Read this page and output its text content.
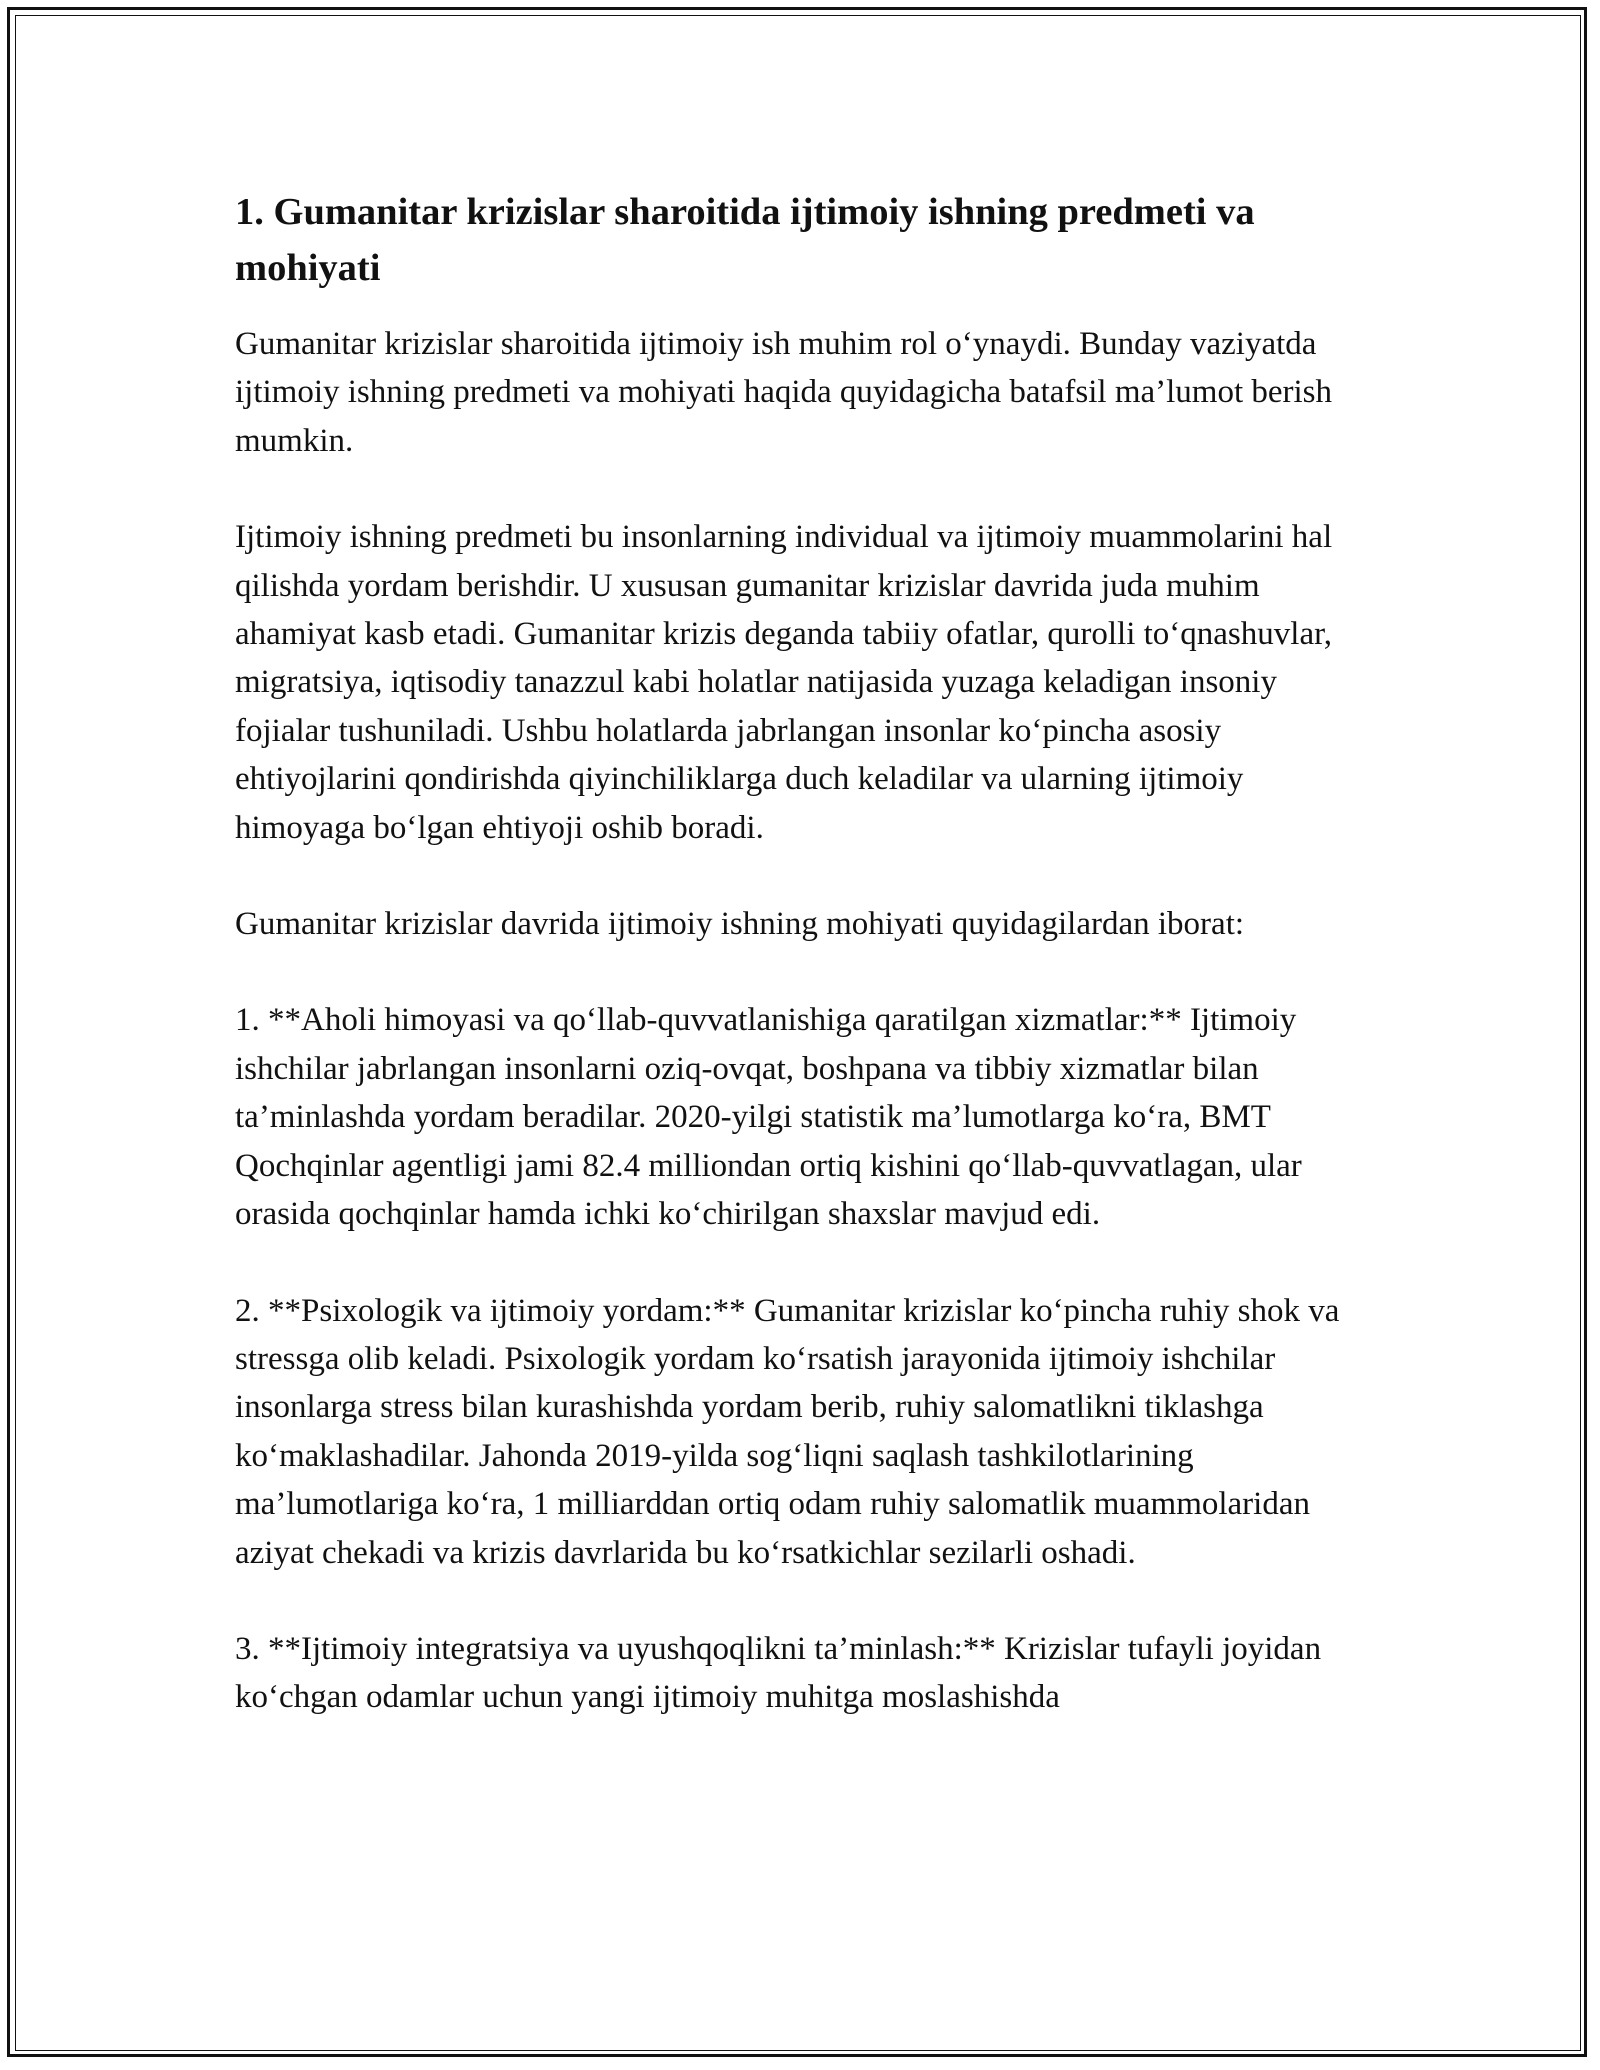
1. Gumanitar krizislar sharoitida ijtimoiy ishning predmeti va mohiyati

Gumanitar krizislar sharoitida ijtimoiy ish muhim rol o‘ynaydi. Bunday vaziyatda ijtimoiy ishning predmeti va mohiyati haqida quyidagicha batafsil ma’lumot berish mumkin.

Ijtimoiy ishning predmeti bu insonlarning individual va ijtimoiy muammolarini hal qilishda yordam berishdir. U xususan gumanitar krizislar davrida juda muhim ahamiyat kasb etadi. Gumanitar krizis deganda tabiiy ofatlar, qurolli to‘qnashuvlar, migratsiya, iqtisodiy tanazzul kabi holatlar natijasida yuzaga keladigan insoniy fojialar tushuniladi. Ushbu holatlarda jabrlangan insonlar ko‘pincha asosiy ehtiyojlarini qondirishda qiyinchiliklarga duch keladilar va ularning ijtimoiy himoyaga bo‘lgan ehtiyoji oshib boradi.

Gumanitar krizislar davrida ijtimoiy ishning mohiyati quyidagilardan iborat:

1. **Aholi himoyasi va qo‘llab-quvvatlanishiga qaratilgan xizmatlar:** Ijtimoiy ishchilar jabrlangan insonlarni oziq-ovqat, boshpana va tibbiy xizmatlar bilan ta’minlashda yordam beradilar. 2020-yilgi statistik ma’lumotlarga ko‘ra, BMT Qochqinlar agentligi jami 82.4 milliondan ortiq kishini qo‘llab-quvvatlagan, ular orasida qochqinlar hamda ichki ko‘chirilgan shaxslar mavjud edi.

2. **Psixologik va ijtimoiy yordam:** Gumanitar krizislar ko‘pincha ruhiy shok va stressga olib keladi. Psixologik yordam ko‘rsatish jarayonida ijtimoiy ishchilar insonlarga stress bilan kurashishda yordam berib, ruhiy salomatlikni tiklashga ko‘maklashadilar. Jahonda 2019-yilda sog‘liqni saqlash tashkilotlarining ma’lumotlariga ko‘ra, 1 milliarddan ortiq odam ruhiy salomatlik muammolaridan aziyat chekadi va krizis davrlarida bu ko‘rsatkichlar sezilarli oshadi.

3. **Ijtimoiy integratsiya va uyushqoqlikni ta’minlash:** Krizislar tufayli joyidan ko‘chgan odamlar uchun yangi ijtimoiy muhitga moslashishda
